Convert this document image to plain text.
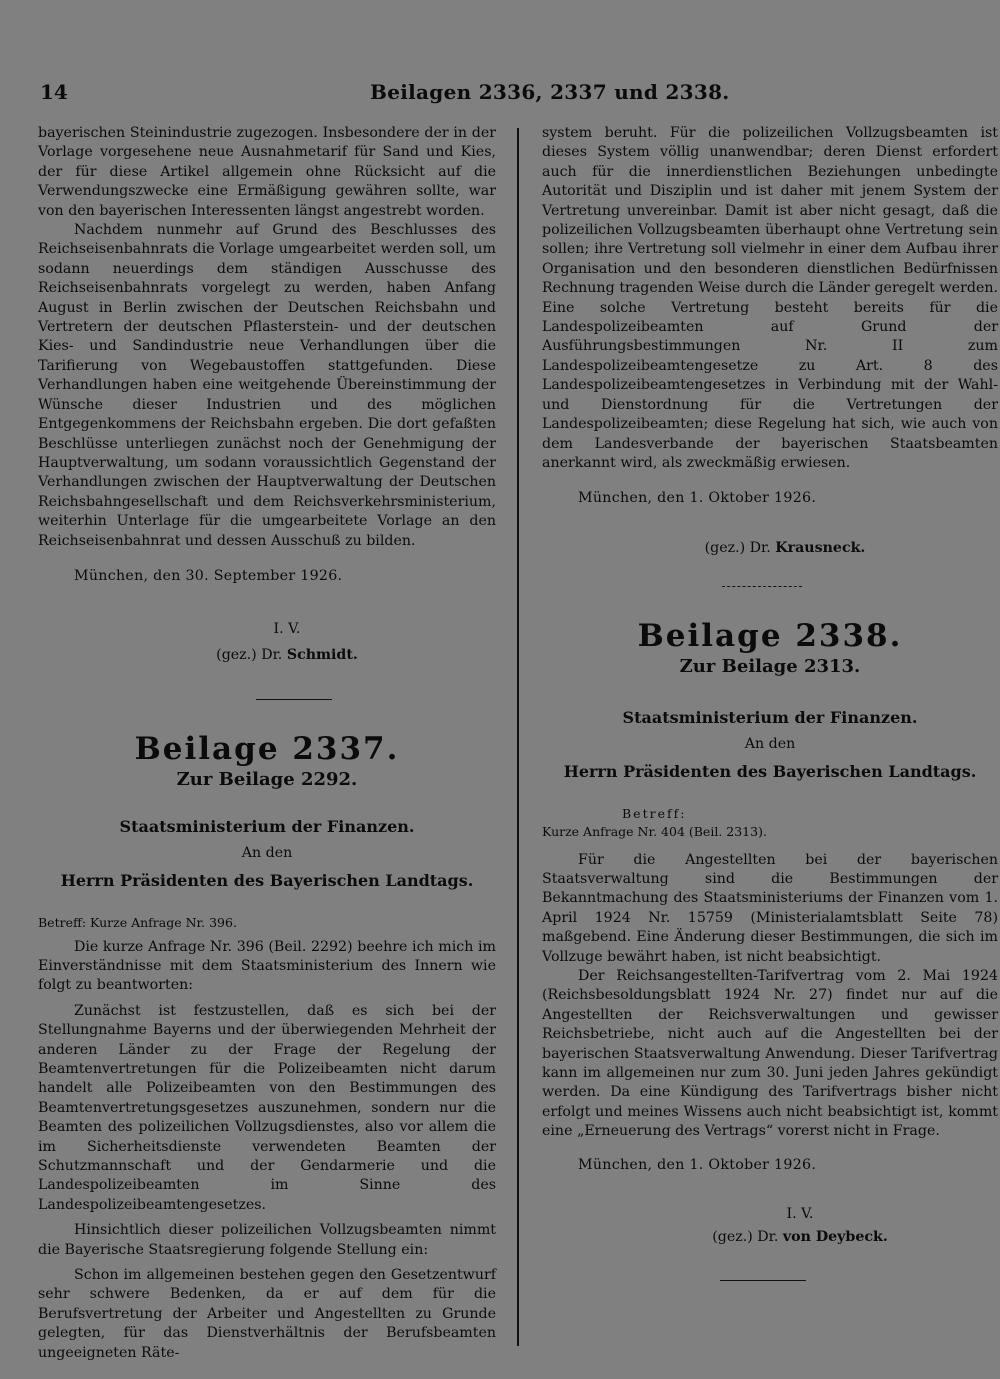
14	Beilagen 2336, 2337 und 2338.

bayerischen Steinindustrie zugezogen. Insbesondere der in der Vorlage vorgesehene neue Ausnahmetarif für Sand und Kies, der für diese Artikel allgemein ohne Rücksicht auf die Verwendungszwecke eine Ermäßigung gewähren sollte, war von den bayerischen Interessenten längst angestrebt worden.

Nachdem nunmehr auf Grund des Beschlusses des Reichseisenbahnrats die Vorlage umgearbeitet werden soll, um sodann neuerdings dem ständigen Ausschusse des Reichseisenbahnrats vorgelegt zu werden, haben Anfang August in Berlin zwischen der Deutschen Reichsbahn und Vertretern der deutschen Pflasterstein- und der deutschen Kies- und Sandindustrie neue Verhandlungen über die Tarifierung von Wegebaustoffen stattgefunden. Diese Verhandlungen haben eine weitgehende Übereinstimmung der Wünsche dieser Industrien und des möglichen Entgegenkommens der Reichsbahn ergeben. Die dort gefaßten Beschlüsse unterliegen zunächst noch der Genehmigung der Hauptverwaltung, um sodann voraussichtlich Gegenstand der Verhandlungen zwischen der Hauptverwaltung der Deutschen Reichsbahngesellschaft und dem Reichsverkehrsministerium, weiterhin Unterlage für die umgearbeitete Vorlage an den Reichseisenbahnrat und dessen Ausschuß zu bilden.

München, den 30. September 1926.

I. V.

(gez.) Dr. Schmidt.

Beilage 2337.
Zur Beilage 2292.
Staatsministerium der Finanzen.
An den
Herrn Präsidenten des Bayerischen Landtags.

Betreff: Kurze Anfrage Nr. 396.

Die kurze Anfrage Nr. 396 (Beil. 2292) beehre ich mich im Einverständnisse mit dem Staatsministerium des Innern wie folgt zu beantworten:

Zunächst ist festzustellen, daß es sich bei der Stellungnahme Bayerns und der überwiegenden Mehrheit der anderen Länder zu der Frage der Regelung der Beamtenvertretungen für die Polizeibeamten nicht darum handelt alle Polizeibeamten von den Bestimmungen des Beamtenvertretungsgesetzes auszunehmen, sondern nur die Beamten des polizeilichen Vollzugsdienstes, also vor allem die im Sicherheitsdienste verwendeten Beamten der Schutzmannschaft und der Gendarmerie und die Landespolizeibeamten im Sinne des Landespolizeibeamtengesetzes.

Hinsichtlich dieser polizeilichen Vollzugsbeamten nimmt die Bayerische Staatsregierung folgende Stellung ein:

Schon im allgemeinen bestehen gegen den Gesetzentwurf sehr schwere Bedenken, da er auf dem für die Berufsvertretung der Arbeiter und Angestellten zu Grunde gelegten, für das Dienstverhältnis der Berufsbeamten ungeeigneten Räte-

system beruht. Für die polizeilichen Vollzugsbeamten ist dieses System völlig unanwendbar; deren Dienst erfordert auch für die innerdienstlichen Beziehungen unbedingte Autorität und Disziplin und ist daher mit jenem System der Vertretung unvereinbar. Damit ist aber nicht gesagt, daß die polizeilichen Vollzugsbeamten überhaupt ohne Vertretung sein sollen; ihre Vertretung soll vielmehr in einer dem Aufbau ihrer Organisation und den besonderen dienstlichen Bedürfnissen Rechnung tragenden Weise durch die Länder geregelt werden. Eine solche Vertretung besteht bereits für die Landespolizeibeamten auf Grund der Ausführungsbestimmungen Nr. II zum Landespolizeibeamtengesetze zu Art. 8 des Landespolizeibeamtengesetzes in Verbindung mit der Wahl- und Dienstordnung für die Vertretungen der Landespolizeibeamten; diese Regelung hat sich, wie auch von dem Landesverbande der bayerischen Staatsbeamten anerkannt wird, als zweckmäßig erwiesen.

München, den 1. Oktober 1926.

(gez.) Dr. Krausneck.

Beilage 2338.
Zur Beilage 2313.
Staatsministerium der Finanzen.
An den
Herrn Präsidenten des Bayerischen Landtags.

Betreff:

Kurze Anfrage Nr. 404 (Beil. 2313).

Für die Angestellten bei der bayerischen Staatsverwaltung sind die Bestimmungen der Bekanntmachung des Staatsministeriums der Finanzen vom 1. April 1924 Nr. 15759 (Ministerialamtsblatt Seite 78) maßgebend. Eine Änderung dieser Bestimmungen, die sich im Vollzuge bewährt haben, ist nicht beabsichtigt.

Der Reichsangestellten-Tarifvertrag vom 2. Mai 1924 (Reichsbesoldungsblatt 1924 Nr. 27) findet nur auf die Angestellten der Reichsverwaltungen und gewisser Reichsbetriebe, nicht auch auf die Angestellten bei der bayerischen Staatsverwaltung Anwendung. Dieser Tarifvertrag kann im allgemeinen nur zum 30. Juni jeden Jahres gekündigt werden. Da eine Kündigung des Tarifvertrags bisher nicht erfolgt und meines Wissens auch nicht beabsichtigt ist, kommt eine „Erneuerung des Vertrags“ vorerst nicht in Frage.

München, den 1. Oktober 1926.

I. V.

(gez.) Dr. von Deybeck.
